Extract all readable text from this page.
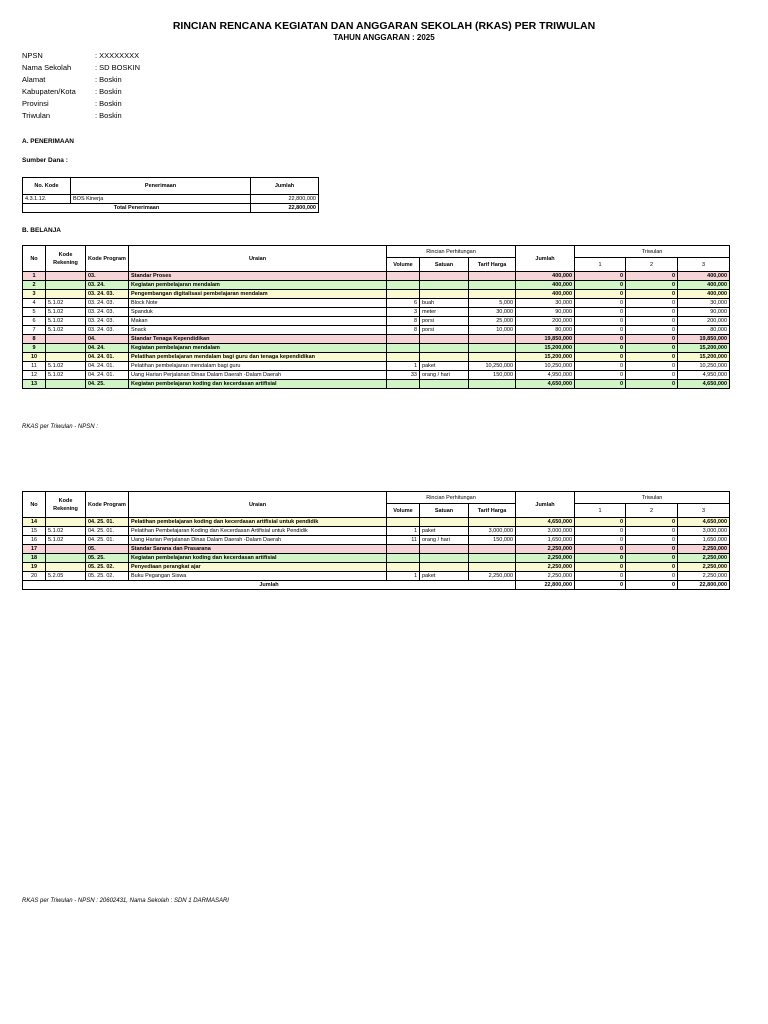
RINCIAN RENCANA KEGIATAN DAN ANGGARAN SEKOLAH (RKAS) PER TRIWULAN
TAHUN ANGGARAN : 2025
NPSN	: XXXXXXXX
Nama Sekolah	: SD BOSKIN
Alamat	: Boskin
Kabupaten/Kota	: Boskin
Provinsi	: Boskin
Triwulan	: Boskin
A. PENERIMAAN
Sumber Dana :
No. Kode	Penerimaan	Jumlah
4.3.1.12.	BOS Kinerja	22,800,000
Total Penerimaan		22,800,000
B. BELANJA
No	Kode Rekening	Kode Program	Uraian	Rincian Perhitungan			Jumlah	Triwulan		
				Volume	Satuan	Tarif Harga		1	2	3
1		03.	Standar Proses				400,000	0	0	400,000
2		03. 24.	Kegiatan pembelajaran mendalam				400,000	0	0	400,000
3		03. 24. 03.	Pengembangan digitalisasi pembelajaran mendalam				400,000	0	0	400,000
4	5.1.02	03. 24. 03.	Block Note	6	buah	5,000	30,000	0	0	30,000
5	5.1.02	03. 24. 03.	Spanduk	3	meter	30,000	90,000	0	0	90,000
6	5.1.02	03. 24. 03.	Makan	8	porsi	25,000	200,000	0	0	200,000
7	5.1.02	03. 24. 03.	Snack	8	porsi	10,000	80,000	0	0	80,000
8		04.	Standar Tenaga Kependidikan				19,850,000	0	0	19,850,000
9		04. 24.	Kegiatan pembelajaran mendalam				15,200,000	0	0	15,200,000
10		04. 24. 01.	Pelatihan pembelajaran mendalam bagi guru dan tenaga kependidikan				15,200,000	0	0	15,200,000
11	5.1.02	04. 24. 01.	Pelatihan pembelajaran mendalam bagi guru	1	paket	10,250,000	10,250,000	0	0	10,250,000
12	5.1.02	04. 24. 01.	Uang Harian Perjalanan Dinas Dalam Daerah -Dalam Daerah	33	orang / hari	150,000	4,950,000	0	0	4,950,000
13		04. 25.	Kegiatan pembelajaran koding dan kecerdasan artifisial				4,650,000	0	0	4,650,000
RKAS per Triwulan - NPSN :
No	Kode Rekening	Kode Program	Uraian	Rincian Perhitungan			Jumlah	Triwulan		
				Volume	Satuan	Tarif Harga		1	2	3
14		04. 25. 01.	Pelatihan pembelajaran koding dan kecerdasan artifisial untuk pendidik				4,650,000	0	0	4,650,000
15	5.1.02	04. 25. 01.	Pelatihan Pembelajaran Koding dan Kecerdasan Artifisial untuk Pendidik	1	paket	3,000,000	3,000,000	0	0	3,000,000
16	5.1.02	04. 25. 01.	Uang Harian Perjalanan Dinas Dalam Daerah -Dalam Daerah	11	orang / hari	150,000	1,650,000	0	0	1,650,000
17		05.	Standar Sarana dan Prasarana				2,250,000	0	0	2,250,000
18		05. 25.	Kegiatan pembelajaran koding dan kecerdasan artifisial				2,250,000	0	0	2,250,000
19		05. 25. 02.	Penyediaan perangkat ajar				2,250,000	0	0	2,250,000
20	5.2.05	05. 25. 02.	Buku Pegangan Siswa	1	paket	2,250,000	2,250,000	0	0	2,250,000
Jumlah							22,800,000	0	0	22,800,000
RKAS per Triwulan - NPSN : 20602431, Nama Sekolah : SDN 1 DARMASARI
